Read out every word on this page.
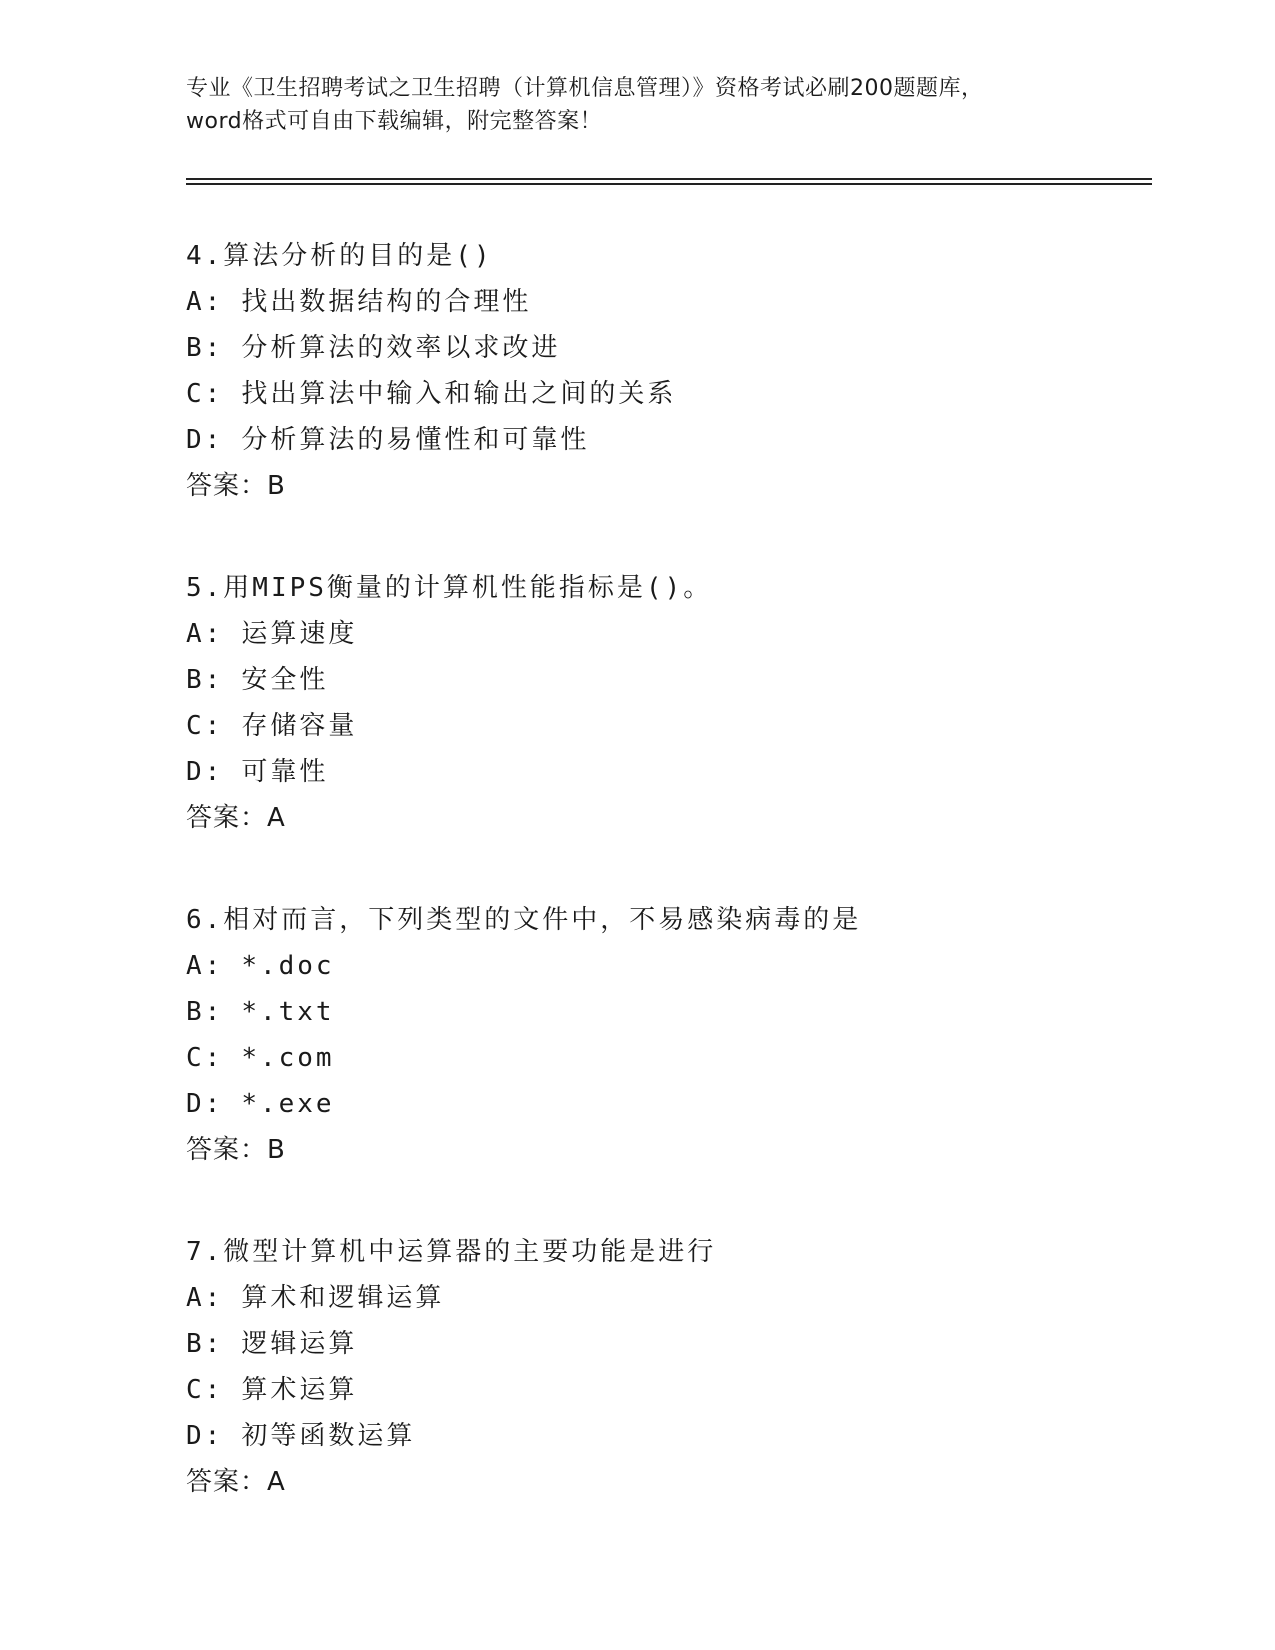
专业《卫生招聘考试之卫生招聘（计算机信息管理）》资格考试必刷200题题库，
word格式可自由下载编辑，附完整答案！
4.算法分析的目的是()
A: 找出数据结构的合理性
B: 分析算法的效率以求改进
C: 找出算法中输入和输出之间的关系
D: 分析算法的易懂性和可靠性
答案：B
5.用MIPS衡量的计算机性能指标是()。
A: 运算速度
B: 安全性
C: 存储容量
D: 可靠性
答案：A
6.相对而言，下列类型的文件中，不易感染病毒的是
A: *.doc
B: *.txt
C: *.com
D: *.exe
答案：B
7.微型计算机中运算器的主要功能是进行
A: 算术和逻辑运算
B: 逻辑运算
C: 算术运算
D: 初等函数运算
答案：A
